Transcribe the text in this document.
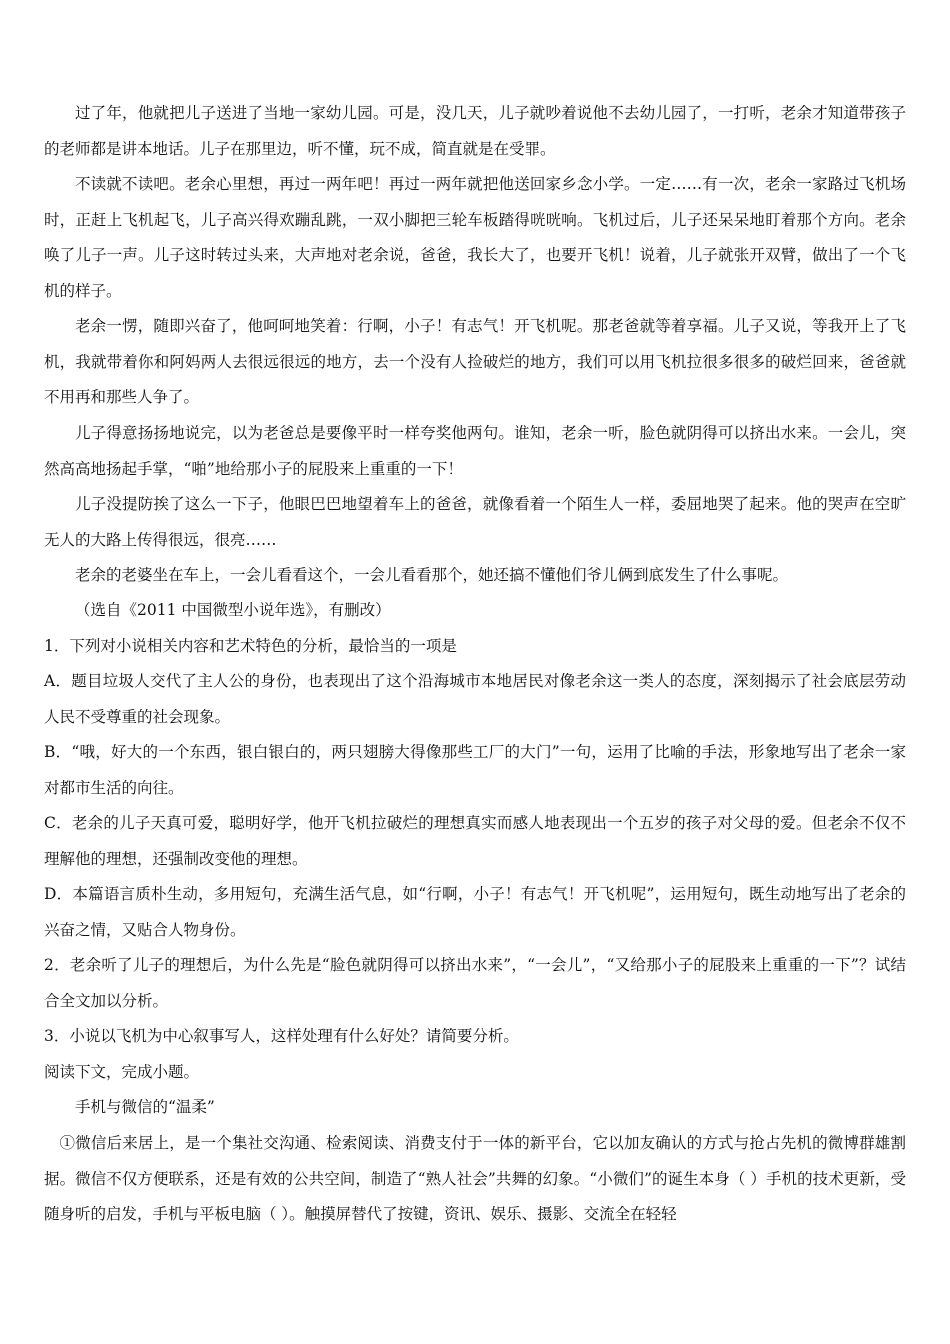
过了年，他就把儿子送进了当地一家幼儿园。可是，没几天，儿子就吵着说他不去幼儿园了，一打听，老余才知道带孩子的老师都是讲本地话。儿子在那里边，听不懂，玩不成，简直就是在受罪。

不读就不读吧。老余心里想，再过一两年吧！再过一两年就把他送回家乡念小学。一定……有一次，老余一家路过飞机场时，正赶上飞机起飞，儿子高兴得欢蹦乱跳，一双小脚把三轮车板踏得咣咣响。飞机过后，儿子还呆呆地盯着那个方向。老余唤了儿子一声。儿子这时转过头来，大声地对老余说，爸爸，我长大了，也要开飞机！说着，儿子就张开双臂，做出了一个飞机的样子。

老余一愣，随即兴奋了，他呵呵地笑着：行啊，小子！有志气！开飞机呢。那老爸就等着享福。儿子又说，等我开上了飞机，我就带着你和阿妈两人去很远很远的地方，去一个没有人捡破烂的地方，我们可以用飞机拉很多很多的破烂回来，爸爸就不用再和那些人争了。

儿子得意扬扬地说完，以为老爸总是要像平时一样夸奖他两句。谁知，老余一听，脸色就阴得可以挤出水来。一会儿，突然高高地扬起手掌，“啪”地给那小子的屁股来上重重的一下！

儿子没提防挨了这么一下子，他眼巴巴地望着车上的爸爸，就像看着一个陌生人一样，委屈地哭了起来。他的哭声在空旷无人的大路上传得很远，很亮……

老余的老婆坐在车上，一会儿看看这个，一会儿看看那个，她还搞不懂他们爷儿俩到底发生了什么事呢。

（选自《2011 中国微型小说年选》，有删改）

1．下列对小说相关内容和艺术特色的分析，最恰当的一项是

A．题目垃圾人交代了主人公的身份，也表现出了这个沿海城市本地居民对像老余这一类人的态度，深刻揭示了社会底层劳动人民不受尊重的社会现象。

B．“哦，好大的一个东西，银白银白的，两只翅膀大得像那些工厂的大门”一句，运用了比喻的手法，形象地写出了老余一家对都市生活的向往。

C．老余的儿子天真可爱，聪明好学，他开飞机拉破烂的理想真实而感人地表现出一个五岁的孩子对父母的爱。但老余不仅不理解他的理想，还强制改变他的理想。

D．本篇语言质朴生动，多用短句，充满生活气息，如“行啊，小子！有志气！开飞机呢”，运用短句，既生动地写出了老余的兴奋之情，又贴合人物身份。

2．老余听了儿子的理想后，为什么先是“脸色就阴得可以挤出水来”，“一会儿”，“又给那小子的屁股来上重重的一下”？试结合全文加以分析。

3．小说以飞机为中心叙事写人，这样处理有什么好处？请简要分析。

阅读下文，完成小题。

手机与微信的“温柔”

①微信后来居上，是一个集社交沟通、检索阅读、消费支付于一体的新平台，它以加友确认的方式与抢占先机的微博群雄割据。微信不仅方便联系，还是有效的公共空间，制造了“熟人社会”共舞的幻象。“小微们”的诞生本身（ ）手机的技术更新，受随身听的启发，手机与平板电脑（ ）。触摸屏替代了按键，资讯、娱乐、摄影、交流全在轻轻
